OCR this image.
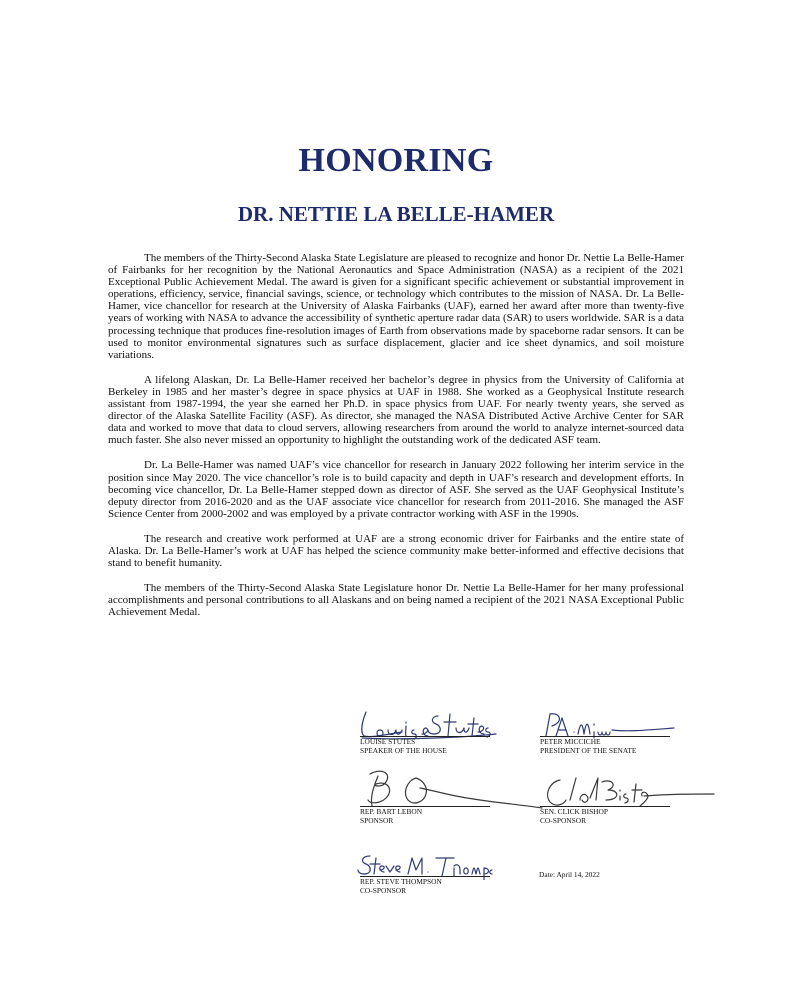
HONORING
DR. NETTIE LA BELLE-HAMER

The members of the Thirty-Second Alaska State Legislature are pleased to recognize and honor Dr. Nettie La Belle-Hamer of Fairbanks for her recognition by the National Aeronautics and Space Administration (NASA) as a recipient of the 2021 Exceptional Public Achievement Medal. The award is given for a significant specific achievement or substantial improvement in operations, efficiency, service, financial savings, science, or technology which contributes to the mission of NASA. Dr. La Belle-Hamer, vice chancellor for research at the University of Alaska Fairbanks (UAF), earned her award after more than twenty-five years of working with NASA to advance the accessibility of synthetic aperture radar data (SAR) to users worldwide. SAR is a data processing technique that produces fine-resolution images of Earth from observations made by spaceborne radar sensors. It can be used to monitor environmental signatures such as surface displacement, glacier and ice sheet dynamics, and soil moisture variations.

A lifelong Alaskan, Dr. La Belle-Hamer received her bachelor’s degree in physics from the University of California at Berkeley in 1985 and her master’s degree in space physics at UAF in 1988. She worked as a Geophysical Institute research assistant from 1987-1994, the year she earned her Ph.D. in space physics from UAF. For nearly twenty years, she served as director of the Alaska Satellite Facility (ASF). As director, she managed the NASA Distributed Active Archive Center for SAR data and worked to move that data to cloud servers, allowing researchers from around the world to analyze internet-sourced data much faster. She also never missed an opportunity to highlight the outstanding work of the dedicated ASF team.

Dr. La Belle-Hamer was named UAF’s vice chancellor for research in January 2022 following her interim service in the position since May 2020. The vice chancellor’s role is to build capacity and depth in UAF’s research and development efforts. In becoming vice chancellor, Dr. La Belle-Hamer stepped down as director of ASF. She served as the UAF Geophysical Institute’s deputy director from 2016-2020 and as the UAF associate vice chancellor for research from 2011-2016. She managed the ASF Science Center from 2000-2002 and was employed by a private contractor working with ASF in the 1990s.

The research and creative work performed at UAF are a strong economic driver for Fairbanks and the entire state of Alaska. Dr. La Belle-Hamer’s work at UAF has helped the science community make better-informed and effective decisions that stand to benefit humanity.

The members of the Thirty-Second Alaska State Legislature honor Dr. Nettie La Belle-Hamer for her many professional accomplishments and personal contributions to all Alaskans and on being named a recipient of the 2021 NASA Exceptional Public Achievement Medal.

LOUISE STUTES
SPEAKER OF THE HOUSE
PETER MICCICHE
PRESIDENT OF THE SENATE
REP. BART LEBON
SPONSOR
SEN. CLICK BISHOP
CO-SPONSOR
REP. STEVE THOMPSON
CO-SPONSOR
Date: April 14, 2022
